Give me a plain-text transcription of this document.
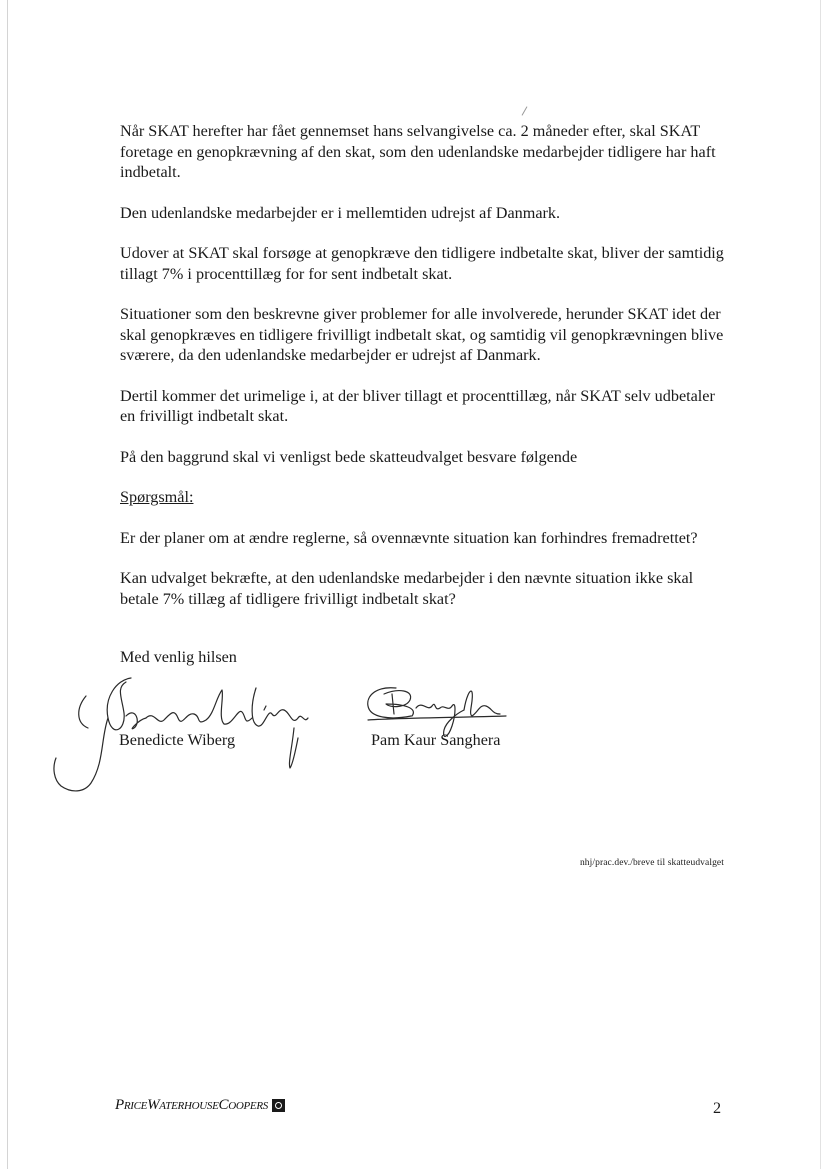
Når SKAT herefter har fået gennemset hans selvangivelse ca. 2 måneder efter, skal SKAT foretage en genopkrævning af den skat, som den udenlandske medarbejder tidligere har haft indbetalt.

Den udenlandske medarbejder er i mellemtiden udrejst af Danmark.

Udover at SKAT skal forsøge at genopkræve den tidligere indbetalte skat, bliver der samtidig tillagt 7% i procenttillæg for for sent indbetalt skat.

Situationer som den beskrevne giver problemer for alle involverede, herunder SKAT idet der skal genopkræves en tidligere frivilligt indbetalt skat, og samtidig vil genopkrævningen blive sværere, da den udenlandske medarbejder er udrejst af Danmark.

Dertil kommer det urimelige i, at der bliver tillagt et procenttillæg, når SKAT selv udbetaler en frivilligt indbetalt skat.

På den baggrund skal vi venligst bede skatteudvalget besvare følgende

Spørgsmål:

Er der planer om at ændre reglerne, så ovennævnte situation kan forhindres fremadrettet?

Kan udvalget bekræfte, at den udenlandske medarbejder i den nævnte situation ikke skal betale 7% tillæg af tidligere frivilligt indbetalt skat?

Med venlig hilsen
Benedicte Wiberg	Pam Kaur Sanghera
nhj/prac.dev./breve til skatteudvalget
PriceWaterhouseCoopers	2
